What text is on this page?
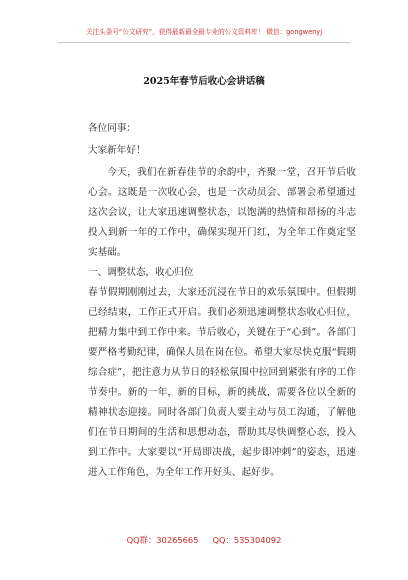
关注头条号“公文研究”，获得最新最全最专业的公文资料库！ 微信：gongwenyj
2025年春节后收心会讲话稿

各位同事：

大家新年好！

今天，我们在新春佳节的余韵中，齐聚一堂，召开节后收心会。这既是一次收心会，也是一次动员会、部署会希望通过这次会议，让大家迅速调整状态，以饱满的热情和昂扬的斗志投入到新一年的工作中，确保实现开门红，为全年工作奠定坚实基础。

一、调整状态，收心归位

春节假期刚刚过去，大家还沉浸在节日的欢乐氛围中。但假期已经结束，工作正式开启。我们必须迅速调整状态收心归位，把精力集中到工作中来。节后收心，关键在于“心到”。各部门要严格考勤纪律，确保人员在岗在位。希望大家尽快克服“假期综合症”，把注意力从节日的轻松氛围中拉回到紧张有序的工作节奏中。新的一年，新的目标，新的挑战，需要各位以全新的精神状态迎接。同时各部门负责人要主动与员工沟通，了解他们在节日期间的生活和思想动态，帮助其尽快调整心态，投入到工作中。大家要以“开局即决战，起步即冲刺”的姿态，迅速进入工作角色，为全年工作开好头、起好步。

QQ群：30265665 QQ：535304092
